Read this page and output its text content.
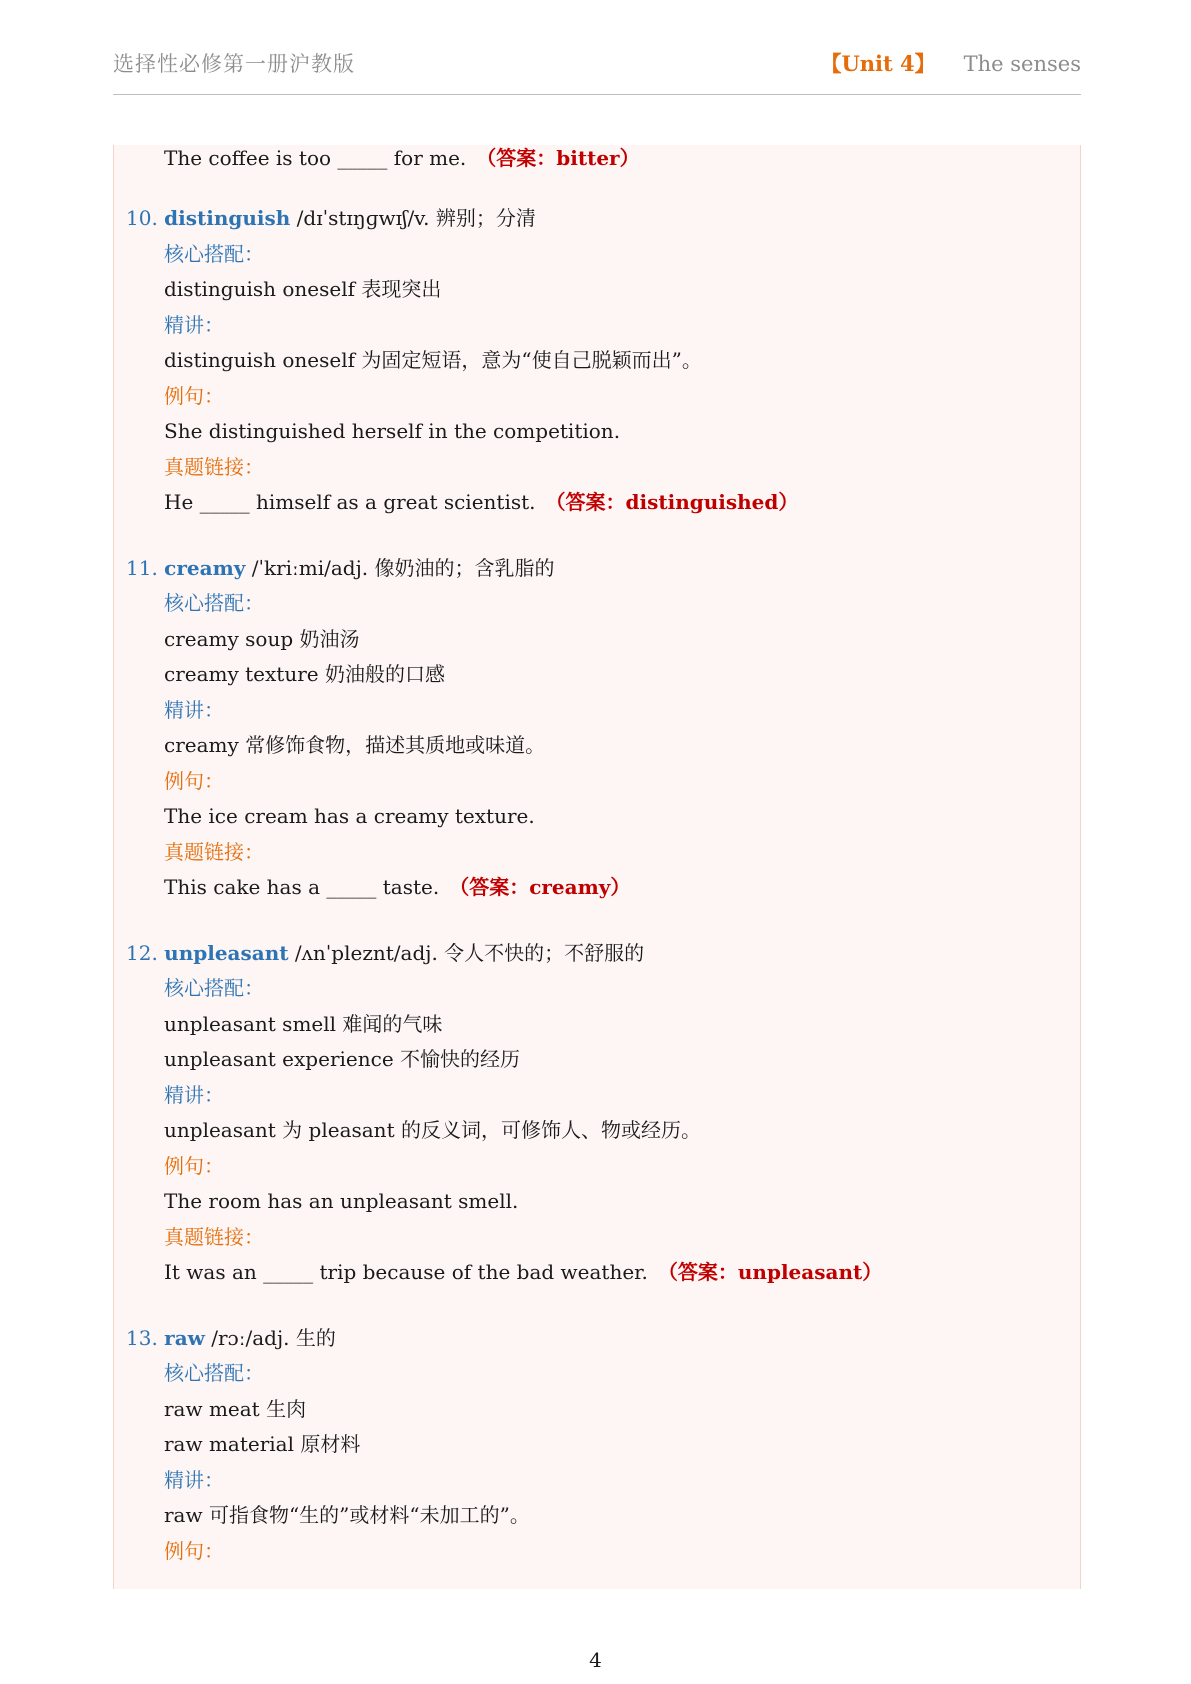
选择性必修第一册沪教版	【Unit 4】 The senses
The coffee is too _____ for me. （答案：bitter）
10. distinguish /dɪˈstɪŋɡwɪʃ/v. 辨别；分清
核心搭配：
distinguish oneself 表现突出
精讲：
distinguish oneself 为固定短语，意为“使自己脱颖而出”。
例句：
She distinguished herself in the competition.
真题链接：
He _____ himself as a great scientist. （答案：distinguished）
11. creamy /ˈkriːmi/adj. 像奶油的；含乳脂的
核心搭配：
creamy soup 奶油汤
creamy texture 奶油般的口感
精讲：
creamy 常修饰食物，描述其质地或味道。
例句：
The ice cream has a creamy texture.
真题链接：
This cake has a _____ taste. （答案：creamy）
12. unpleasant /ʌnˈpleznt/adj. 令人不快的；不舒服的
核心搭配：
unpleasant smell 难闻的气味
unpleasant experience 不愉快的经历
精讲：
unpleasant 为 pleasant 的反义词，可修饰人、物或经历。
例句：
The room has an unpleasant smell.
真题链接：
It was an _____ trip because of the bad weather. （答案：unpleasant）
13. raw /rɔː/adj. 生的
核心搭配：
raw meat 生肉
raw material 原材料
精讲：
raw 可指食物“生的”或材料“未加工的”。
例句：
4
